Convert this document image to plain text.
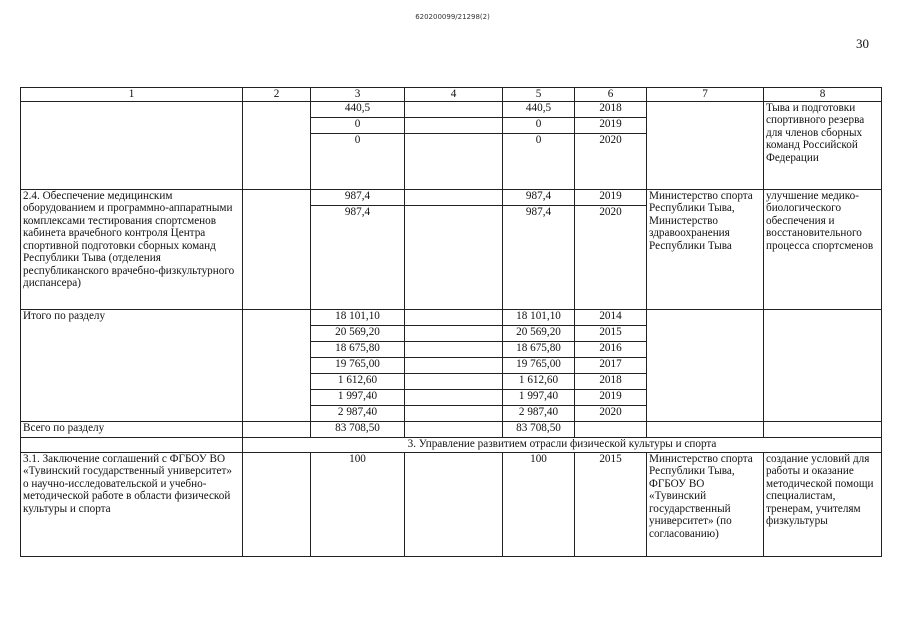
620200099/21298(2)
30
1	2	3	4	5	6	7	8
		440,5		440,5	2018		Тыва и подготовки спортивного резерва для членов сборных команд Российской Федерации
		0		0	2019		
		0		0	2020		
2.4. Обеспечение медицинским оборудованием и программно-аппаратными комплексами тестирования спортсменов кабинета врачебного контроля Центра спортивной подготовки сборных команд Республики Тыва (отделения республиканского врачебно-физкультурного диспансера)		987,4		987,4	2019	Министерство спорта Республики Тыва, Министерство здравоохранения Республики Тыва	улучшение медико-биологического обеспечения и восстановительного процесса спортсменов
		987,4		987,4	2020		
Итого по разделу		18 101,10		18 101,10	2014		
		20 569,20		20 569,20	2015		
		18 675,80		18 675,80	2016		
		19 765,00		19 765,00	2017		
		1 612,60		1 612,60	2018		
		1 997,40		1 997,40	2019		
		2 987,40		2 987,40	2020		
Всего по разделу		83 708,50		83 708,50			
	3. Управление развитием отрасли физической культуры и спорта						
3.1. Заключение соглашений с ФГБОУ ВО «Тувинский государственный университет» о научно-исследовательской и учебно-методической работе в области физической культуры и спорта		100		100	2015	Министерство спорта Республики Тыва, ФГБОУ ВО «Тувинский государственный университет» (по согласованию)	создание условий для работы и оказание методической помощи специалистам, тренерам, учителям физкультуры
